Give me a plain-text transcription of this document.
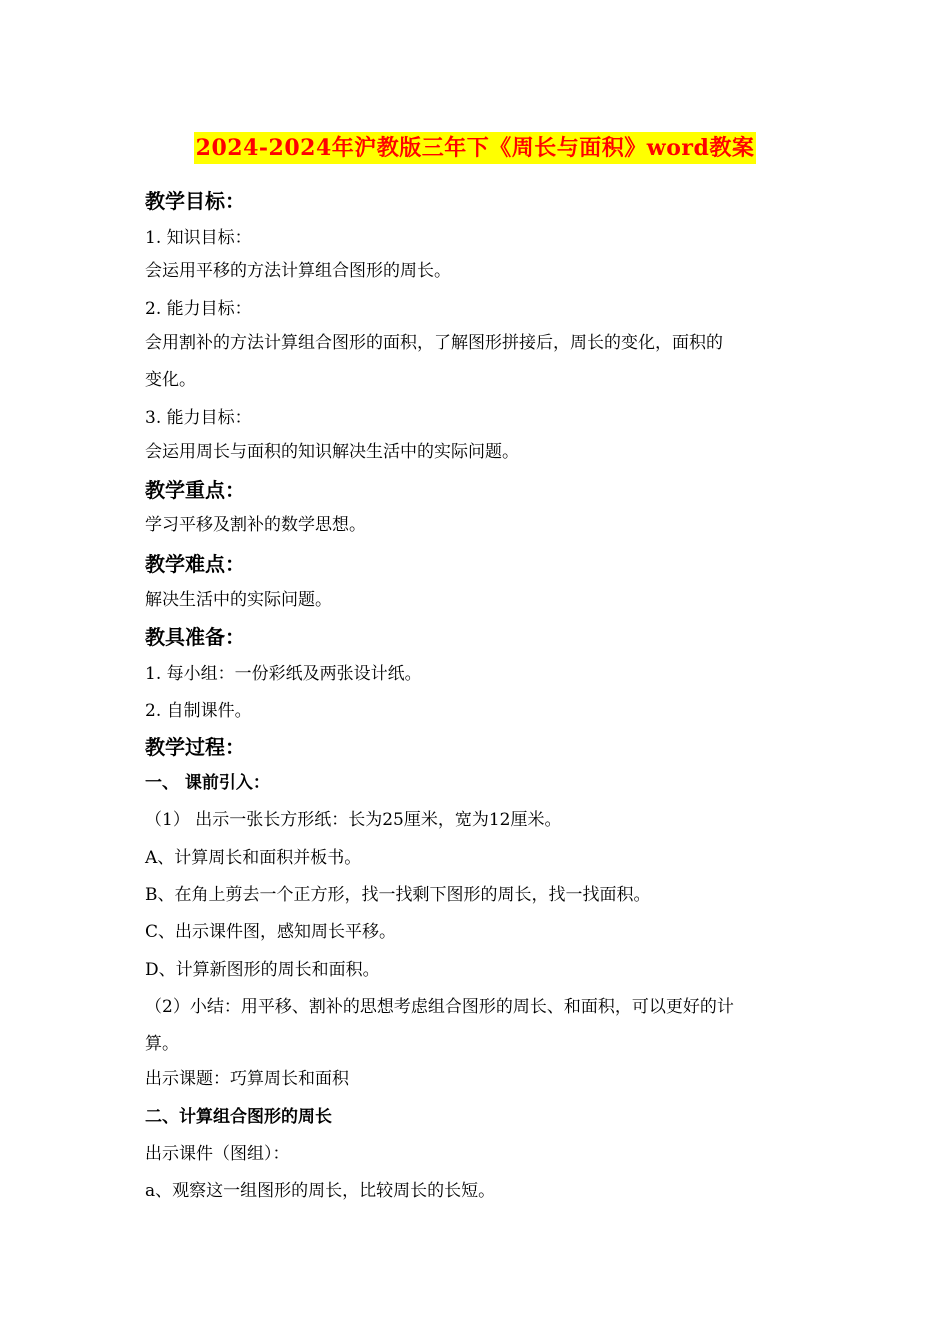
2024-2024年沪教版三年下《周长与面积》word教案
教学目标：
1. 知识目标：
会运用平移的方法计算组合图形的周长。
2. 能力目标：
会用割补的方法计算组合图形的面积，了解图形拼接后，周长的变化，面积的
变化。
3. 能力目标：
会运用周长与面积的知识解决生活中的实际问题。
教学重点：
学习平移及割补的数学思想。
教学难点：
解决生活中的实际问题。
教具准备：
1. 每小组：一份彩纸及两张设计纸。
2. 自制课件。
教学过程：
一、 课前引入：
（1） 出示一张长方形纸：长为25厘米，宽为12厘米。
A、计算周长和面积并板书。
B、在角上剪去一个正方形，找一找剩下图形的周长，找一找面积。
C、出示课件图，感知周长平移。
D、计算新图形的周长和面积。
（2）小结：用平移、割补的思想考虑组合图形的周长、和面积，可以更好的计
算。
出示课题：巧算周长和面积
二、计算组合图形的周长
出示课件（图组）：
a、观察这一组图形的周长，比较周长的长短。
